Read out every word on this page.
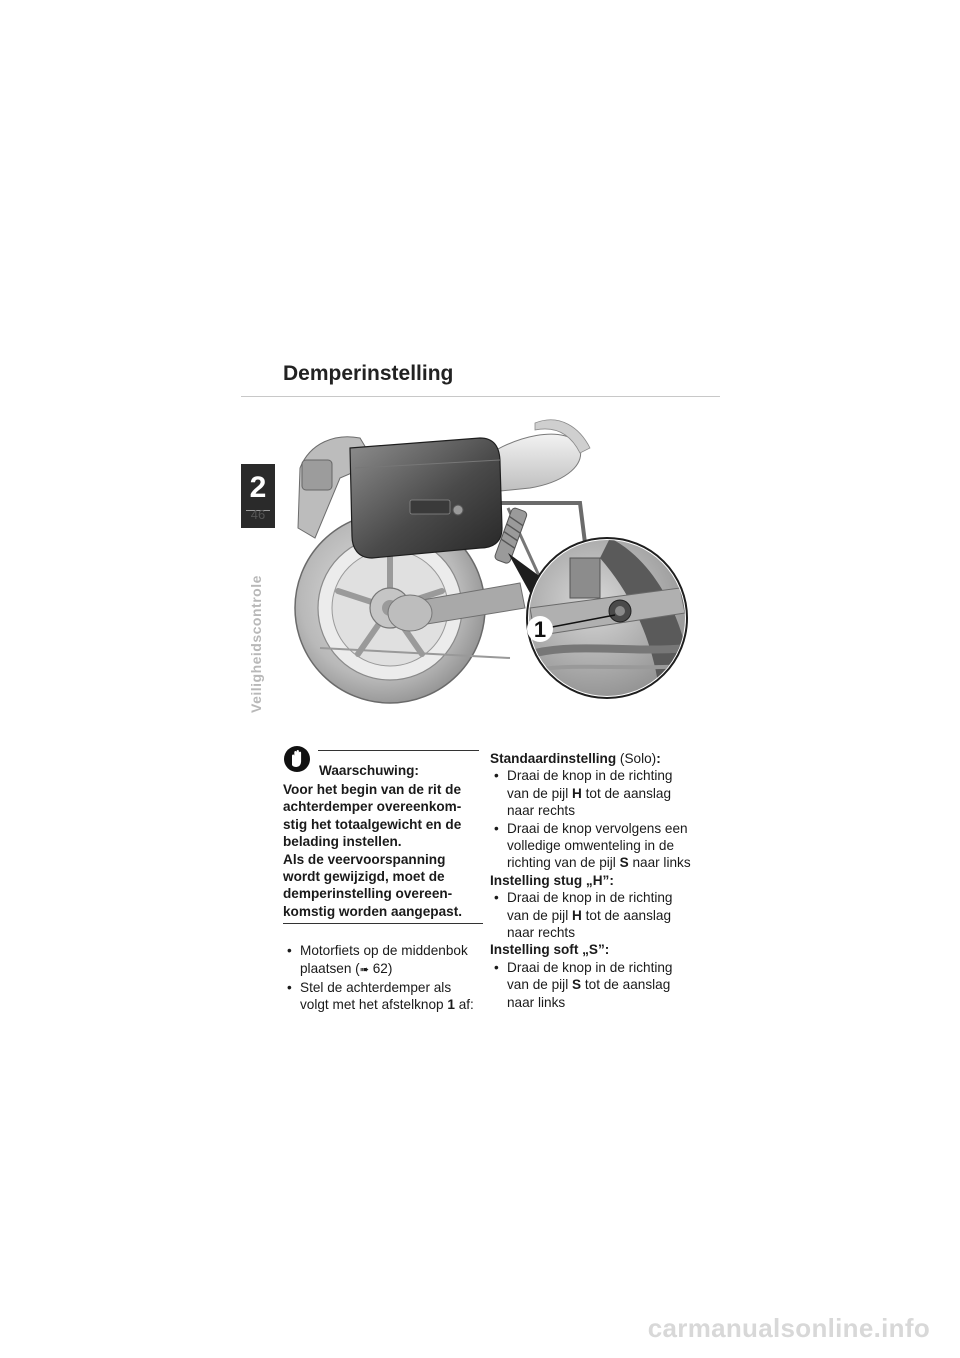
2
46
Veiligheidscontrole
Demperinstelling
1
Waarschuwing:

Voor het begin van de rit de achterdemper overeenkom-stig het totaalgewicht en de belading instellen.

Als de veervoorspanning wordt gewijzigd, moet de demperinstelling overeen-komstig worden aangepast.

• Motorfiets op de middenbok plaatsen (➠ 62)
• Stel de achterdemper als volgt met het afstelknop 1 af:
Standaardinstelling (Solo):
• Draai de knop in de richting van de pijl H tot de aanslag naar rechts
• Draai de knop vervolgens een volledige omwenteling in de richting van de pijl S naar links
Instelling stug „H”:
• Draai de knop in de richting van de pijl H tot de aanslag naar rechts
Instelling soft „S”:
• Draai de knop in de richting van de pijl S tot de aanslag naar links
carmanualsonline.info
